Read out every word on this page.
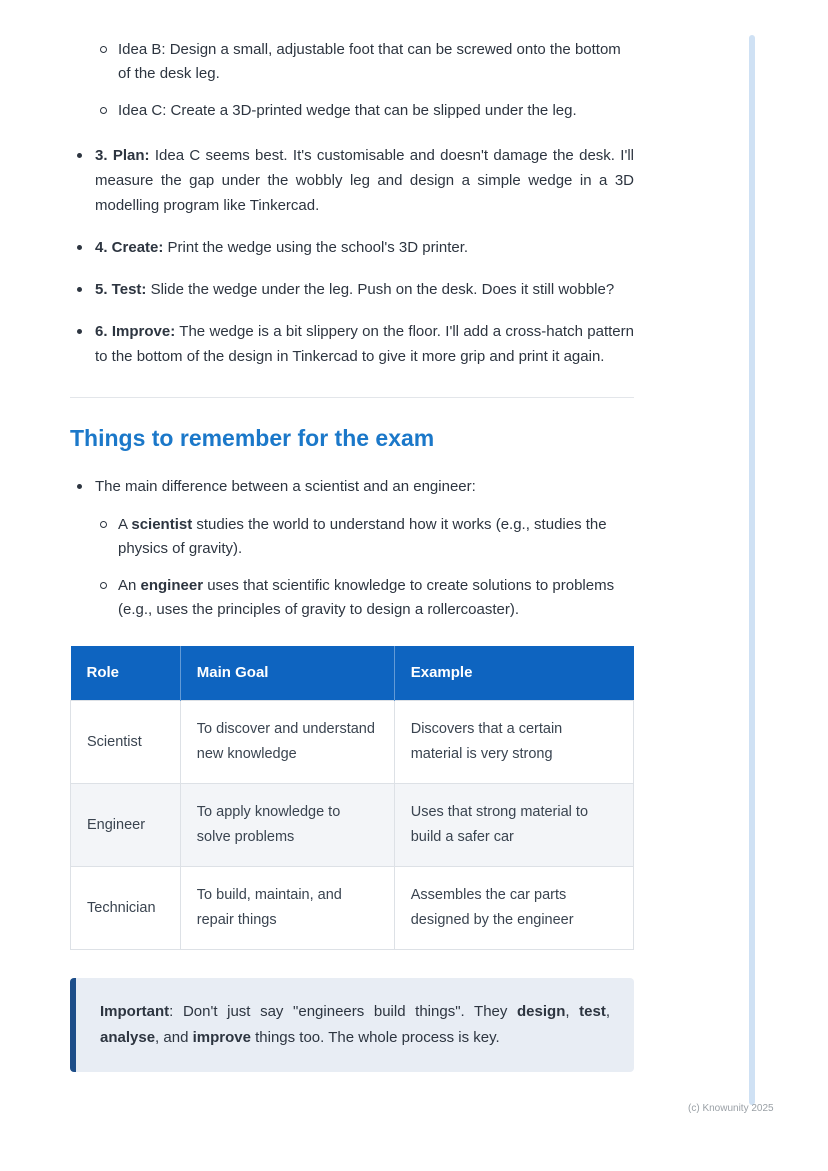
Idea B: Design a small, adjustable foot that can be screwed onto the bottom of the desk leg.
Idea C: Create a 3D-printed wedge that can be slipped under the leg.
3. Plan: Idea C seems best. It's customisable and doesn't damage the desk. I'll measure the gap under the wobbly leg and design a simple wedge in a 3D modelling program like Tinkercad.
4. Create: Print the wedge using the school's 3D printer.
5. Test: Slide the wedge under the leg. Push on the desk. Does it still wobble?
6. Improve: The wedge is a bit slippery on the floor. I'll add a cross-hatch pattern to the bottom of the design in Tinkercad to give it more grip and print it again.
Things to remember for the exam
The main difference between a scientist and an engineer:
A scientist studies the world to understand how it works (e.g., studies the physics of gravity).
An engineer uses that scientific knowledge to create solutions to problems (e.g., uses the principles of gravity to design a rollercoaster).
Role	Main Goal	Example
Scientist	To discover and understand new knowledge	Discovers that a certain material is very strong
Engineer	To apply knowledge to solve problems	Uses that strong material to build a safer car
Technician	To build, maintain, and repair things	Assembles the car parts designed by the engineer

Important: Don't just say "engineers build things". They design, test, analyse, and improve things too. The whole process is key.

(c) Knowunity 2025
